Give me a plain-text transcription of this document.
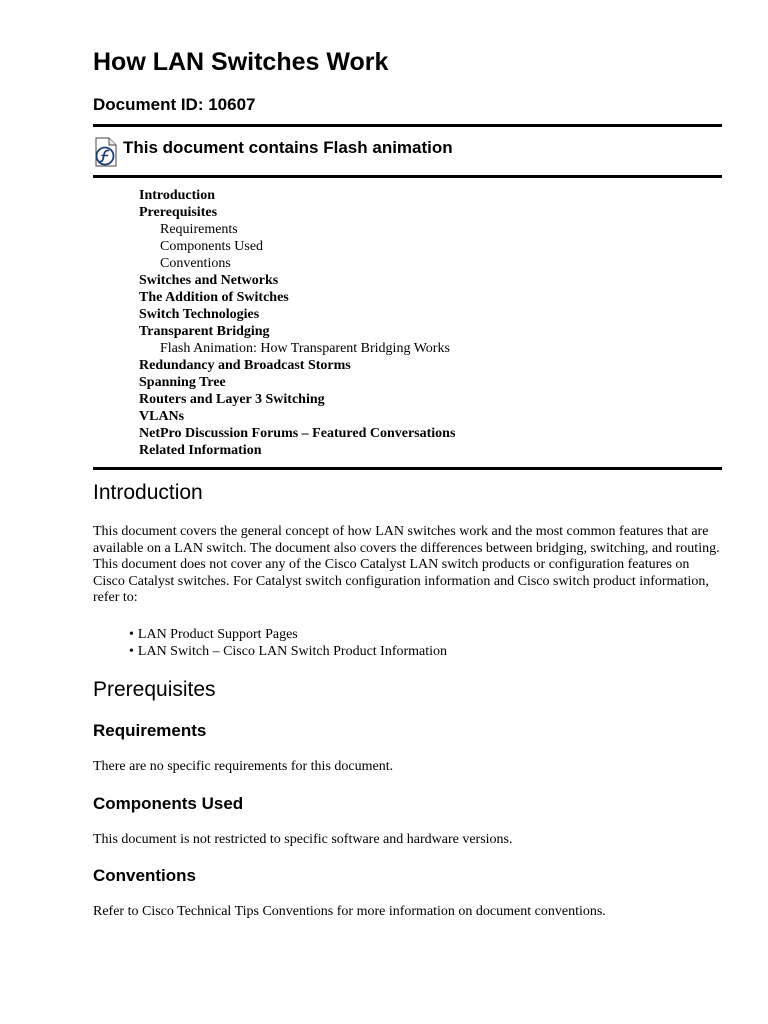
How LAN Switches Work
Document ID: 10607
This document contains Flash animation
Introduction
Prerequisites
Requirements
Components Used
Conventions
Switches and Networks
The Addition of Switches
Switch Technologies
Transparent Bridging
Flash Animation: How Transparent Bridging Works
Redundancy and Broadcast Storms
Spanning Tree
Routers and Layer 3 Switching
VLANs
NetPro Discussion Forums – Featured Conversations
Related Information
Introduction

This document covers the general concept of how LAN switches work and the most common features that are available on a LAN switch. The document also covers the differences between bridging, switching, and routing. This document does not cover any of the Cisco Catalyst LAN switch products or configuration features on Cisco Catalyst switches. For Catalyst switch configuration information and Cisco switch product information, refer to:

• LAN Product Support Pages
• LAN Switch – Cisco LAN Switch Product Information
Prerequisites
Requirements

There are no specific requirements for this document.

Components Used

This document is not restricted to specific software and hardware versions.

Conventions

Refer to Cisco Technical Tips Conventions for more information on document conventions.
